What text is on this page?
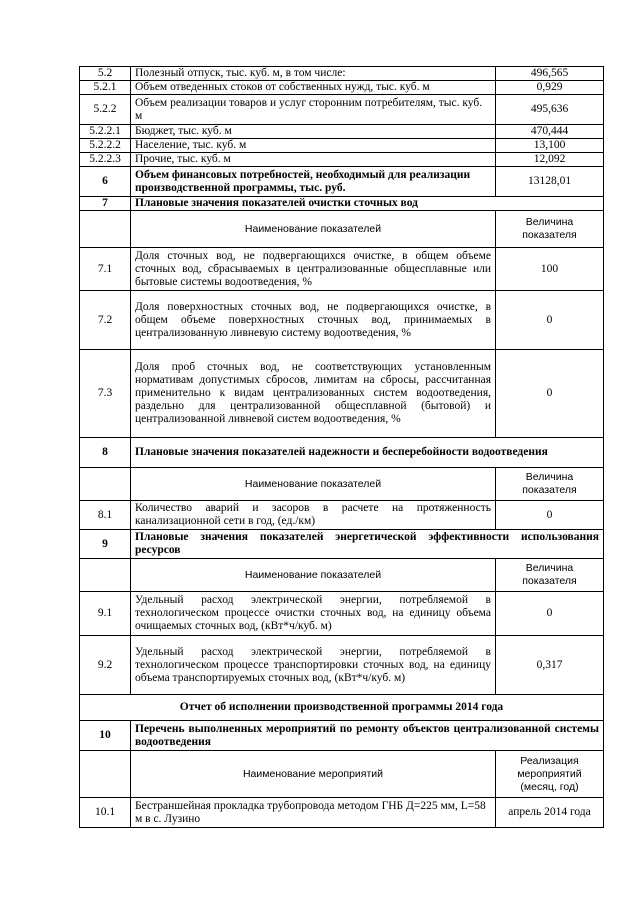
5.2	Полезный отпуск, тыс. куб. м, в том числе:	496,565
5.2.1	Объем отведенных стоков от собственных нужд, тыс. куб. м	0,929
5.2.2	Объем реализации товаров и услуг сторонним потребителям, тыс. куб. м	495,636
5.2.2.1	Бюджет, тыс. куб. м	470,444
5.2.2.2	Население, тыс. куб. м	13,100
5.2.2.3	Прочие, тыс. куб. м	12,092
6	Объем финансовых потребностей, необходимый для реализации производственной программы, тыс. руб.	13128,01
7	Плановые значения показателей очистки сточных вод	
	Наименование показателей	Величина показателя
7.1	Доля сточных вод, не подвергающихся очистке, в общем объеме сточных вод, сбрасываемых в централизованные общесплавные или бытовые системы водоотведения, %	100
7.2	Доля поверхностных сточных вод, не подвергающихся очистке, в общем объеме поверхностных сточных вод, принимаемых в централизованную ливневую систему водоотведения, %	0
7.3	Доля проб сточных вод, не соответствующих установленным нормативам допустимых сбросов, лимитам на сбросы, рассчитанная применительно к видам централизованных систем водоотведения, раздельно для централизованной общесплавной (бытовой) и централизованной ливневой систем водоотведения, %	0
8	Плановые значения показателей надежности и бесперебойности водоотведения	
	Наименование показателей	Величина показателя
8.1	Количество аварий и засоров в расчете на протяженность канализационной сети в год, (ед./км)	0
9	Плановые значения показателей энергетической эффективности использования ресурсов	
	Наименование показателей	Величина показателя
9.1	Удельный расход электрической энергии, потребляемой в технологическом процессе очистки сточных вод, на единицу объема очищаемых сточных вод, (кВт*ч/куб. м)	0
9.2	Удельный расход электрической энергии, потребляемой в технологическом процессе транспортировки сточных вод, на единицу объема транспортируемых сточных вод, (кВт*ч/куб. м)	0,317
Отчет об исполнении производственной программы 2014 года		
10	Перечень выполненных мероприятий по ремонту объектов централизованной системы водоотведения	
	Наименование мероприятий	Реализация мероприятий (месяц, год)
10.1	Бестраншейная прокладка трубопровода методом ГНБ Д=225 мм, L=58 м в с. Лузино	апрель 2014 года
